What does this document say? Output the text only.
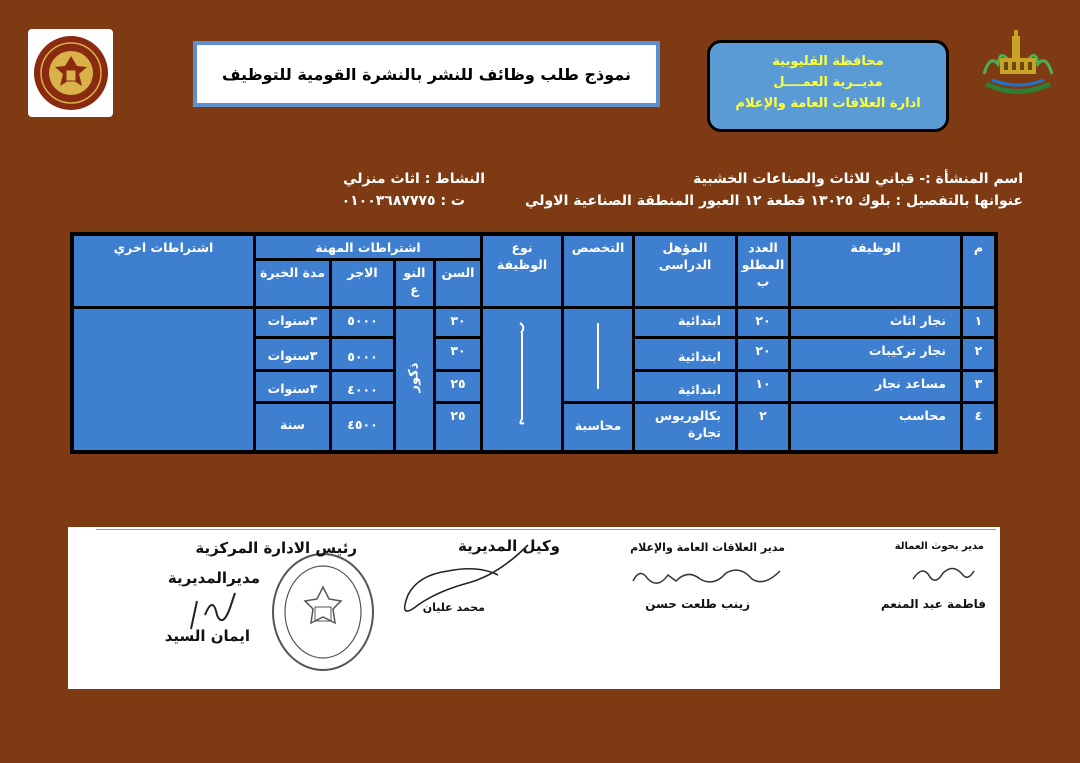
نموذج طلب وظائف للنشر بالنشرة القومية للتوظيف
محافظة القليوبية
مديــرية العمــــل
ادارة العلاقات العامة والإعلام
اسم المنشأة :- قباني للاثاث والصناعات الخشبية
عنوانها بالتفصيل : بلوك ١٣٠٢٥ قطعة ١٢ العبور المنطقة الصناعية الاولي
النشاط : اثاث منزلي
ت : ٠١٠٠٣٦٨٧٧٧٥
م
الوظيفة
العدد المطلو ب
المؤهل الدراسى
التخصص
نوع الوظيفة
اشتراطات المهنة
السن
النو ع
الاجر
مدة الخبرة
اشتراطات اخري
١
نجار اثاث
٢٠
ابتدائية
٣٠
٥٠٠٠
٣سنوات
٢
نجار تركيبات
٢٠
ابتدائية
٣٠
٥٠٠٠
٣سنوات
٣
مساعد نجار
١٠
ابتدائية
٢٥
٤٠٠٠
٣سنوات
٤
محاسب
٢
بكالوريوس تجارة
محاسبة
٢٥
٤٥٠٠
سنة
ذكور
مدير بحوث العمالة
فاطمة عبد المنعم
مدير العلاقات العامة والإعلام
زينب طلعت حسن
وكيل المديرية
محمد عليان
رئيس الادارة المركزية
مديرالمديرية
ايمان السيد
